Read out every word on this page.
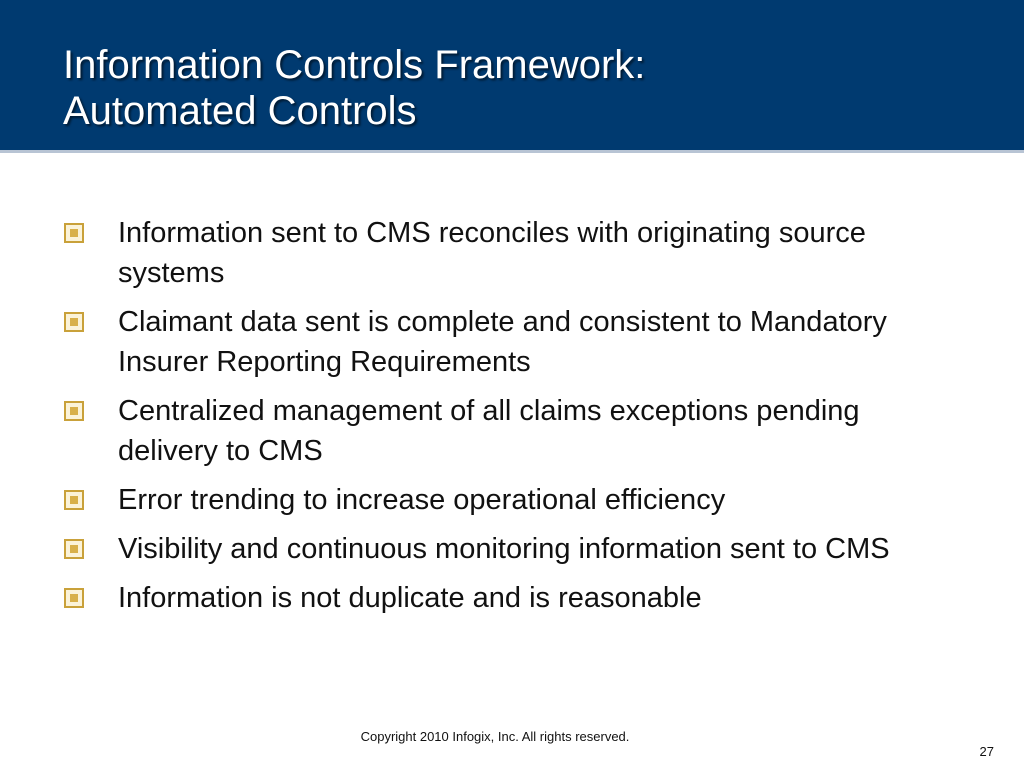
Information Controls Framework:
Automated Controls
Information sent to CMS reconciles with originating source systems
Claimant data sent is complete and consistent to Mandatory Insurer Reporting Requirements
Centralized management of all claims exceptions pending delivery to CMS
Error trending to increase operational efficiency
Visibility and continuous monitoring information sent to CMS
Information is not duplicate and is reasonable
Copyright 2010 Infogix, Inc. All rights reserved.
27
